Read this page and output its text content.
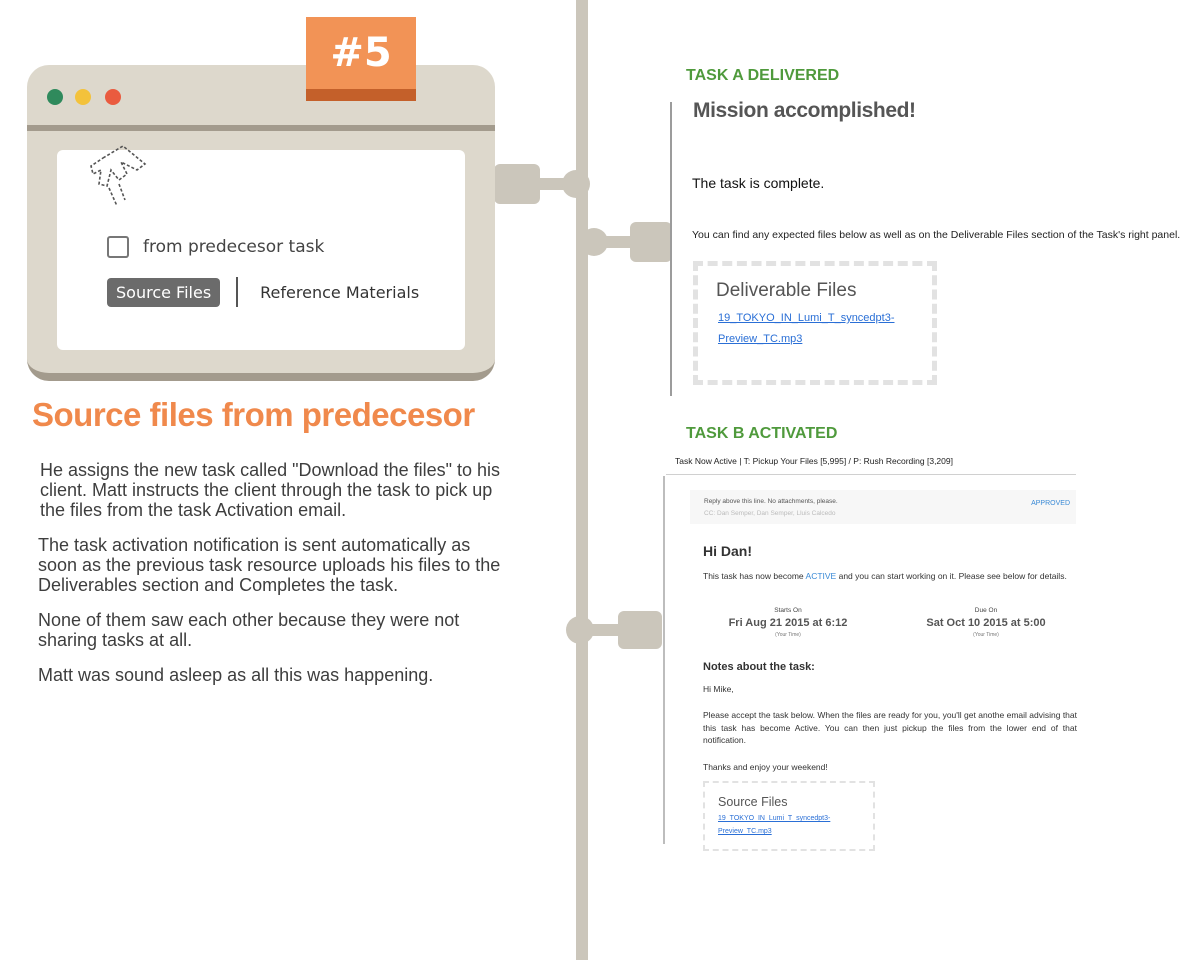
#5
from predecesor task
Source Files	Reference Materials
Source files from predecesor

He assigns the new task called "Download the files" to his client. Matt instructs the client through the task to pick up the files from the task Activation email.

The task activation notification is sent automatically as soon as the previous task resource uploads his files to the Deliverables section and Completes the task.

None of them saw each other because they were not sharing tasks at all.

Matt was sound asleep as all this was happening.

TASK A DELIVERED
Mission accomplished!
The task is complete.
You can find any expected files below as well as on the Deliverable Files section of the Task's right panel.
Deliverable Files
19_TOKYO_IN_Lumi_T_syncedpt3-Preview_TC.mp3
TASK B ACTIVATED
Task Now Active | T: Pickup Your Files [5,995] / P: Rush Recording [3,209]
Reply above this line. No attachments, please.
CC: Dan Semper, Dan Semper, Lluis Calcedo
APPROVED
Hi Dan!
This task has now become ACTIVE and you can start working on it. Please see below for details.
Starts On
Fri Aug 21 2015 at 6:12
(Your Time)
Due On
Sat Oct 10 2015 at 5:00
(Your Time)
Notes about the task:
Hi Mike,
Please accept the task below. When the files are ready for you, you'll get anothe email advising that this task has become Active. You can then just pickup the files from the lower end of that notification.
Thanks and enjoy your weekend!
Source Files
19_TOKYO_IN_Lumi_T_syncedpt3-Preview_TC.mp3
